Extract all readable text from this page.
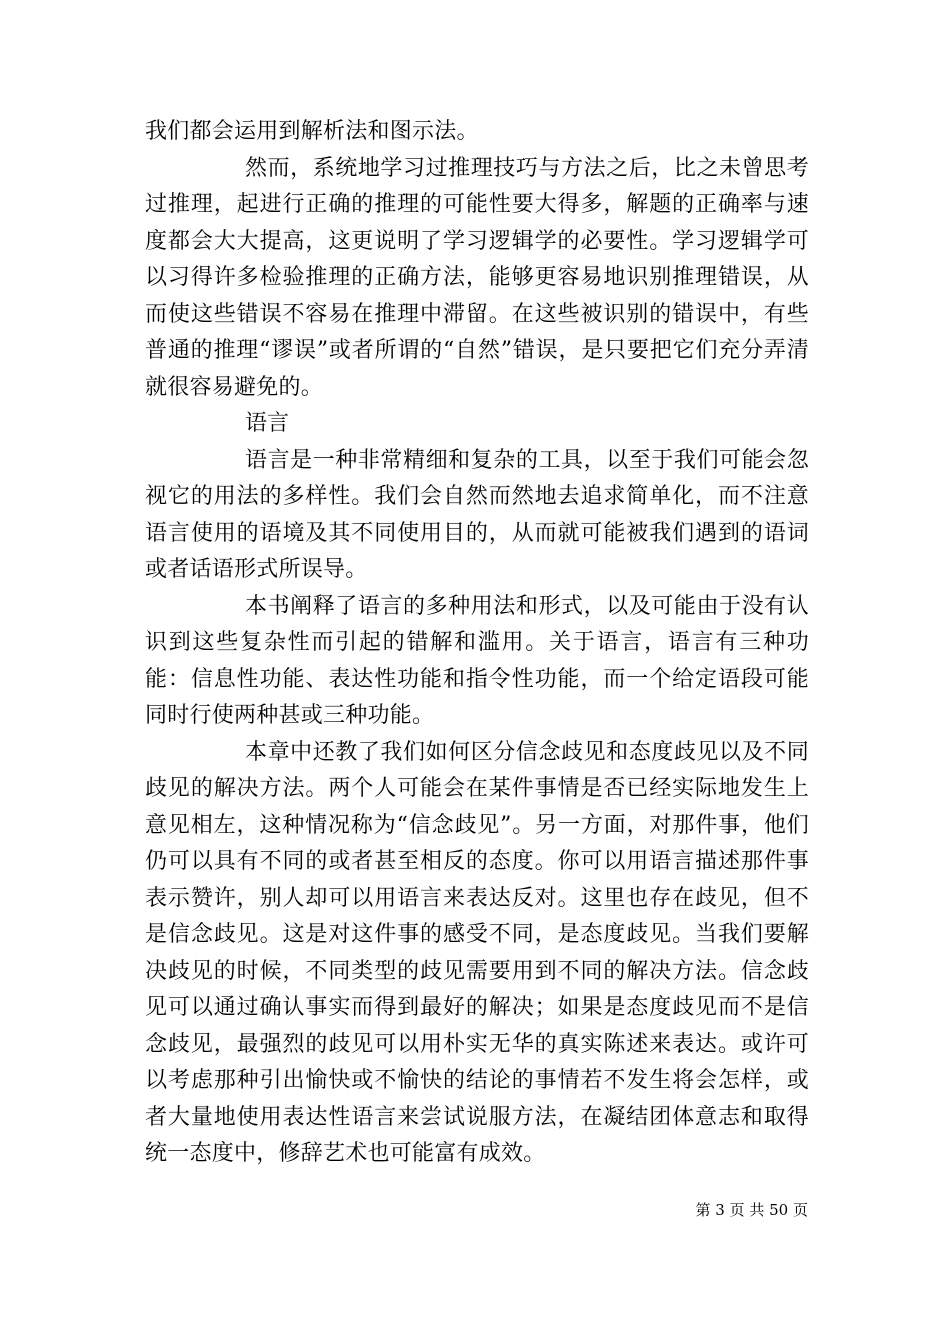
我们都会运用到解析法和图示法。

然而，系统地学习过推理技巧与方法之后，比之未曾思考过推理，起进行正确的推理的可能性要大得多，解题的正确率与速度都会大大提高，这更说明了学习逻辑学的必要性。学习逻辑学可以习得许多检验推理的正确方法，能够更容易地识别推理错误，从而使这些错误不容易在推理中滞留。在这些被识别的错误中，有些普通的推理“谬误”或者所谓的“自然”错误，是只要把它们充分弄清就很容易避免的。

语言

语言是一种非常精细和复杂的工具，以至于我们可能会忽视它的用法的多样性。我们会自然而然地去追求简单化，而不注意语言使用的语境及其不同使用目的，从而就可能被我们遇到的语词或者话语形式所误导。

本书阐释了语言的多种用法和形式，以及可能由于没有认识到这些复杂性而引起的错解和滥用。关于语言，语言有三种功能：信息性功能、表达性功能和指令性功能，而一个给定语段可能同时行使两种甚或三种功能。

本章中还教了我们如何区分信念歧见和态度歧见以及不同歧见的解决方法。两个人可能会在某件事情是否已经实际地发生上意见相左，这种情况称为“信念歧见”。另一方面，对那件事，他们仍可以具有不同的或者甚至相反的态度。你可以用语言描述那件事表示赞许，别人却可以用语言来表达反对。这里也存在歧见，但不是信念歧见。这是对这件事的感受不同，是态度歧见。当我们要解决歧见的时候，不同类型的歧见需要用到不同的解决方法。信念歧见可以通过确认事实而得到最好的解决；如果是态度歧见而不是信念歧见，最强烈的歧见可以用朴实无华的真实陈述来表达。或许可以考虑那种引出愉快或不愉快的结论的事情若不发生将会怎样，或者大量地使用表达性语言来尝试说服方法，在凝结团体意志和取得统一态度中，修辞艺术也可能富有成效。

第 3 页 共 50 页
